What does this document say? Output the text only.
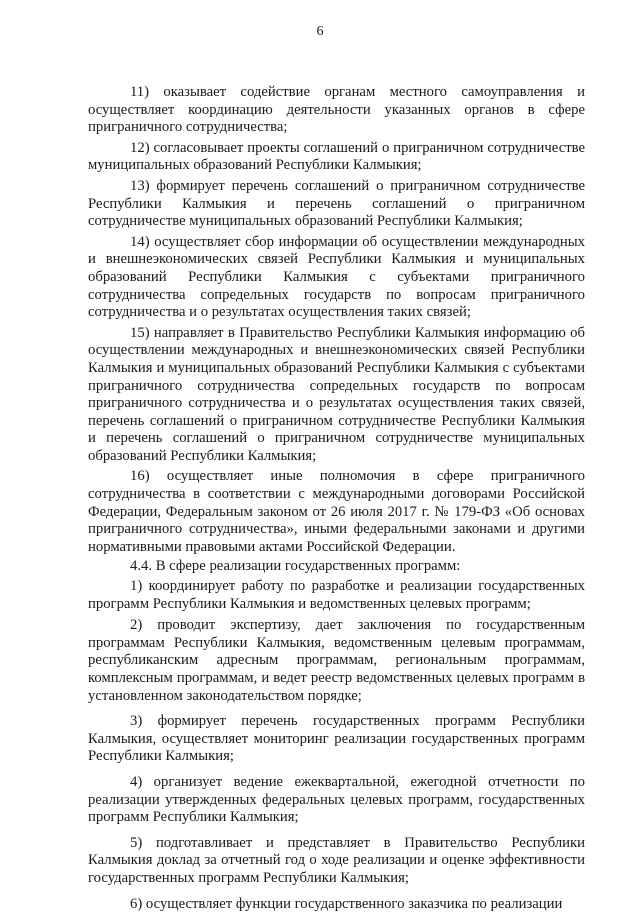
6

11) оказывает содействие органам местного самоуправления и осуществляет координацию деятельности указанных органов в сфере приграничного сотрудничества;

12) согласовывает проекты соглашений о приграничном сотрудничестве муниципальных образований Республики Калмыкия;

13) формирует перечень соглашений о приграничном сотрудничестве Республики Калмыкия и перечень соглашений о приграничном сотрудничестве муниципальных образований Республики Калмыкия;

14) осуществляет сбор информации об осуществлении международных и внешнеэкономических связей Республики Калмыкия и муниципальных образований Республики Калмыкия с субъектами приграничного сотрудничества сопредельных государств по вопросам приграничного сотрудничества и о результатах осуществления таких связей;

15) направляет в Правительство Республики Калмыкия информацию об осуществлении международных и внешнеэкономических связей Республики Калмыкия и муниципальных образований Республики Калмыкия с субъектами приграничного сотрудничества сопредельных государств по вопросам приграничного сотрудничества и о результатах осуществления таких связей, перечень соглашений о приграничном сотрудничестве Республики Калмыкия и перечень соглашений о приграничном сотрудничестве муниципальных образований Республики Калмыкия;

16) осуществляет иные полномочия в сфере приграничного сотрудничества в соответствии с международными договорами Российской Федерации, Федеральным законом от 26 июля 2017 г. № 179-ФЗ «Об основах приграничного сотрудничества», иными федеральными законами и другими нормативными правовыми актами Российской Федерации.

4.4. В сфере реализации государственных программ:

1) координирует работу по разработке и реализации государственных программ Республики Калмыкия и ведомственных целевых программ;

2) проводит экспертизу, дает заключения по государственным программам Республики Калмыкия, ведомственным целевым программам, республиканским адресным программам, региональным программам, комплексным программам, и ведет реестр ведомственных целевых программ в установленном законодательством порядке;

3) формирует перечень государственных программ Республики Калмыкия, осуществляет мониторинг реализации государственных программ Республики Калмыкия;

4) организует ведение ежеквартальной, ежегодной отчетности по реализации утвержденных федеральных целевых программ, государственных программ Республики Калмыкия;

5) подготавливает и представляет в Правительство Республики Калмыкия доклад за отчетный год о ходе реализации и оценке эффективности государственных программ Республики Калмыкия;

6) осуществляет функции государственного заказчика по реализации
